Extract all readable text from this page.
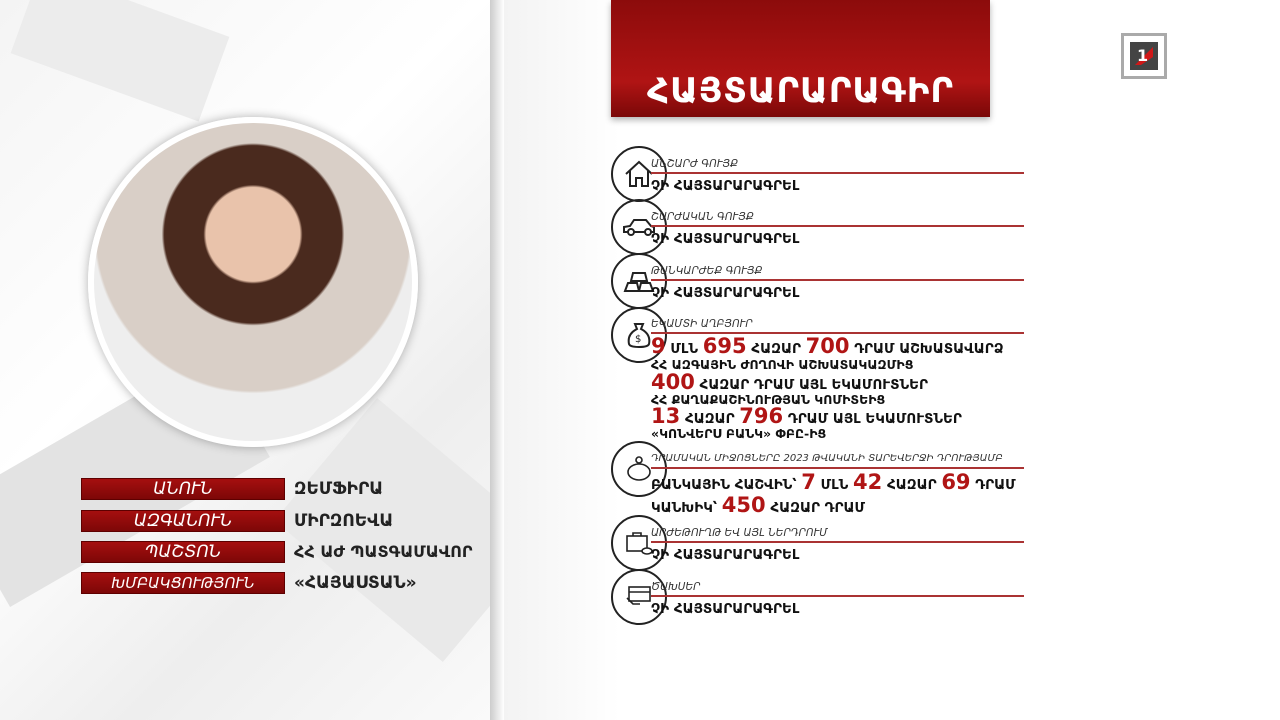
ՀԱՅՏԱՐԱՐԱԳԻՐ
1
ԱՆՈՒՆ	ԶԵՄՖԻՐԱ
ԱԶԳԱՆՈՒՆ	ՄԻՐԶՈԵՎԱ
ՊԱՇՏՈՆ	ՀՀ ԱԺ ՊԱՏԳԱՄԱՎՈՐ
ԽՄԲԱԿՑՈՒԹՅՈՒՆ	«ՀԱՅԱՍՏԱՆ»
ԱՆՇԱՐԺ ԳՈՒՅՔ
ՉԻ ՀԱՅՏԱՐԱՐԱԳՐԵԼ
ՇԱՐԺԱԿԱՆ ԳՈՒՅՔ
ՉԻ ՀԱՅՏԱՐԱՐԱԳՐԵԼ
ԹԱՆԿԱՐԺԵՔ ԳՈՒՅՔ
ՉԻ ՀԱՅՏԱՐԱՐԱԳՐԵԼ
$
ԵԿԱՄՏԻ ԱՂԲՅՈՒՐ
9 ՄԼՆ 695 ՀԱԶԱՐ 700 ԴՐԱՄ ԱՇԽԱՏԱՎԱՐՁ
ՀՀ ԱԶԳԱՅԻՆ ԺՈՂՈՎԻ ԱՇԽԱՏԱԿԱԶՄԻՑ
400 ՀԱԶԱՐ ԴՐԱՄ ԱՅԼ ԵԿԱՄՈՒՏՆԵՐ
ՀՀ ՔԱՂԱՔԱՇԻՆՈՒԹՅԱՆ ԿՈՄԻՏԵԻՑ
13 ՀԱԶԱՐ 796 ԴՐԱՄ ԱՅԼ ԵԿԱՄՈՒՏՆԵՐ
«ԿՈՆՎԵՐՍ ԲԱՆԿ» ՓԲԸ-ԻՑ
ԴՐԱՄԱԿԱՆ ՄԻՋՈՑՆԵՐԸ 2023 ԹՎԱԿԱՆԻ ՏԱՐԵՎԵՐՋԻ ԴՐՈՒԹՅԱՄԲ
ԲԱՆԿԱՅԻՆ ՀԱՇՎԻՆ՝ 7 ՄԼՆ 42 ՀԱԶԱՐ 69 ԴՐԱՄ
ԿԱՆԽԻԿ՝ 450 ՀԱԶԱՐ ԴՐԱՄ
ԱՐԺԵԹՈՒՂԹ ԵՎ ԱՅԼ ՆԵՐԴՐՈՒՄ
ՉԻ ՀԱՅՏԱՐԱՐԱԳՐԵԼ
ԾԱԽՍԵՐ
ՉԻ ՀԱՅՏԱՐԱՐԱԳՐԵԼ
